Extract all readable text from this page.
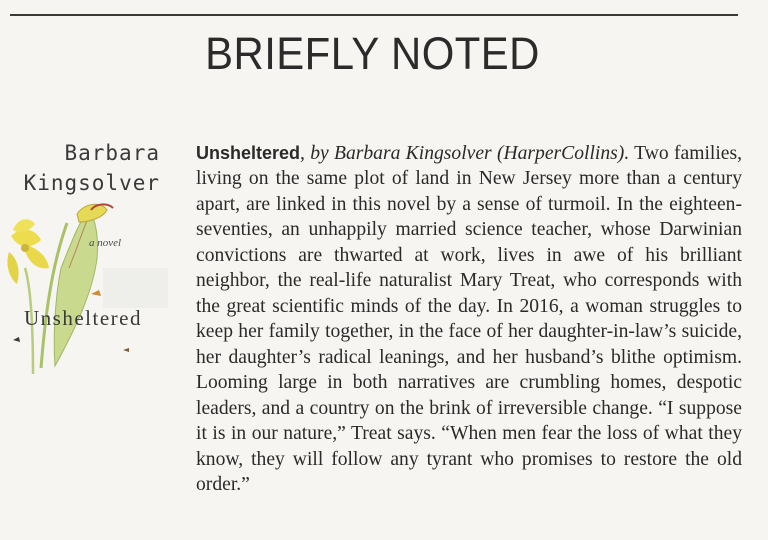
BRIEFLY NOTED
Barbara
Kingsolver
a novel
Unsheltered

Unsheltered, by Barbara Kingsolver (HarperCollins). Two families, living on the same plot of land in New Jersey more than a century apart, are linked in this novel by a sense of turmoil. In the eighteen-seventies, an unhappily married science teacher, whose Darwinian convictions are thwarted at work, lives in awe of his brilliant neighbor, the real-life naturalist Mary Treat, who corresponds with the great scientific minds of the day. In 2016, a woman struggles to keep her family together, in the face of her daughter-in-law’s suicide, her daughter’s radical leanings, and her husband’s blithe optimism. Looming large in both narratives are crumbling homes, despotic leaders, and a country on the brink of irreversible change. “I suppose it is in our nature,” Treat says. “When men fear the loss of what they know, they will follow any tyrant who promises to restore the old order.”
